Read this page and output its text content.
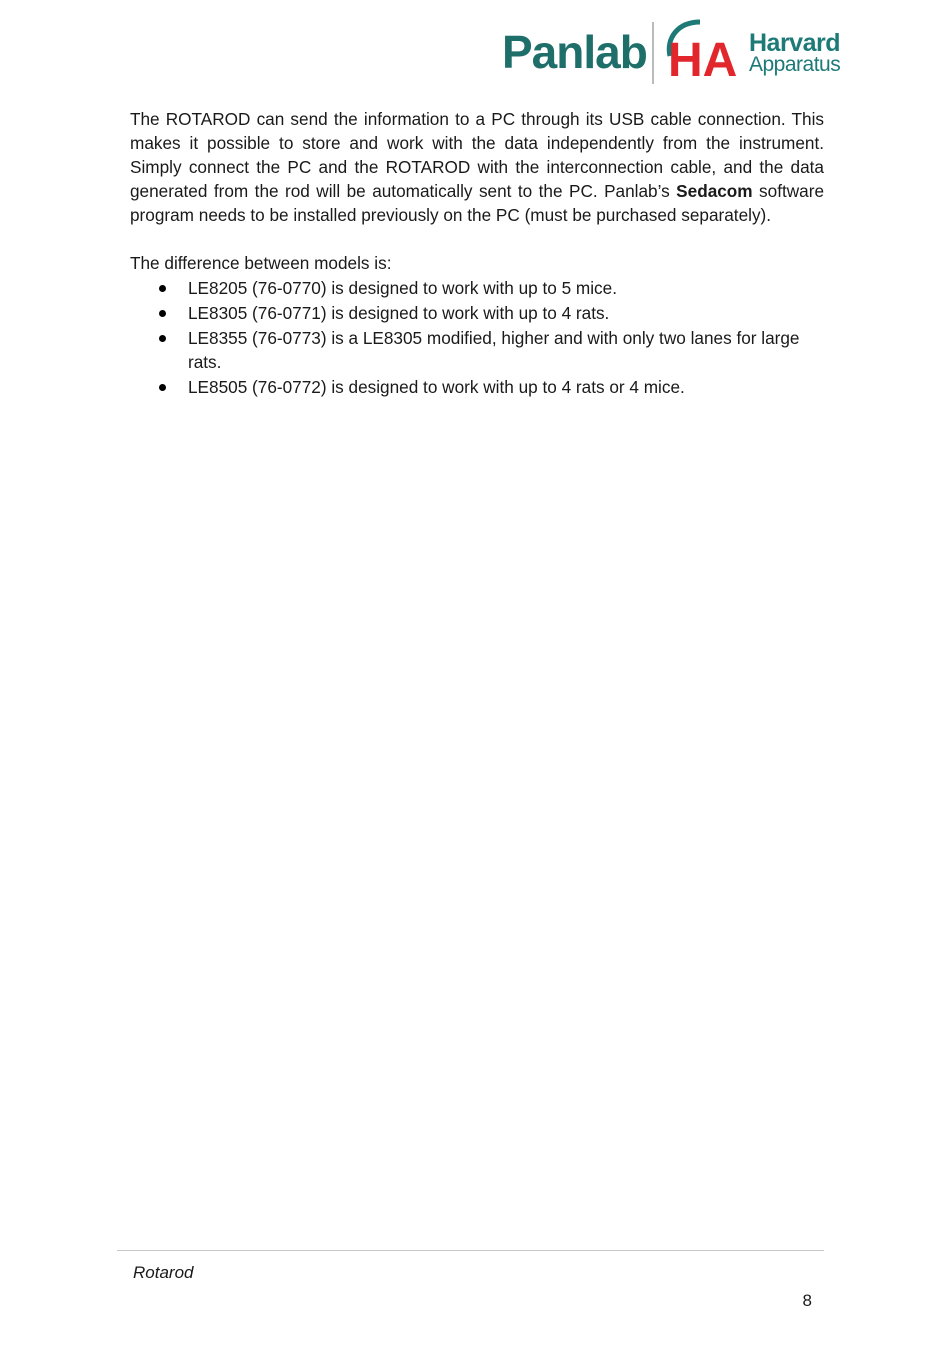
Panlab HA Harvard
Apparatus

The ROTAROD can send the information to a PC through its USB cable connection. This makes it possible to store and work with the data independently from the instrument. Simply connect the PC and the ROTAROD with the interconnection cable, and the data generated from the rod will be automatically sent to the PC. Panlab’s Sedacom software program needs to be installed previously on the PC (must be purchased separately).

The difference between models is:

LE8205 (76-0770) is designed to work with up to 5 mice.
LE8305 (76-0771) is designed to work with up to 4 rats.
LE8355 (76-0773) is a LE8305 modified, higher and with only two lanes for large rats.
LE8505 (76-0772) is designed to work with up to 4 rats or 4 mice.
Rotarod
8
